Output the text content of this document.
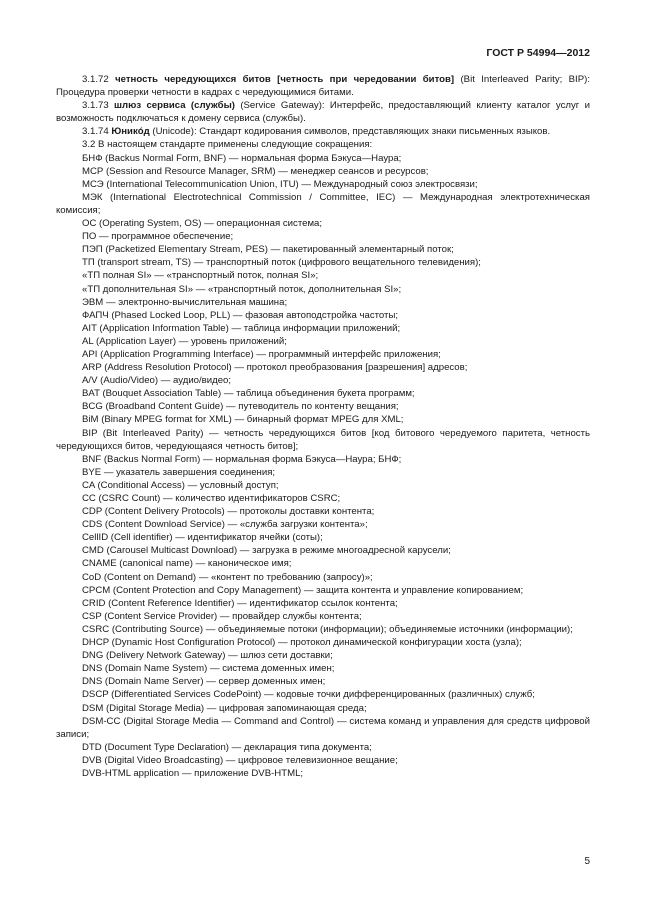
ГОСТ Р 54994—2012

3.1.72 четность чередующихся битов [четность при чередовании битов] (Bit Interleaved Parity; BIP): Процедура проверки четности в кадрах с чередующимися битами.

3.1.73 шлюз сервиса (службы) (Service Gateway): Интерфейс, предоставляющий клиенту каталог услуг и возможность подключаться к домену сервиса (службы).

3.1.74 Юникóд (Unicode): Стандарт кодирования символов, представляющих знаки письменных языков.

3.2 В настоящем стандарте применены следующие сокращения:

БНФ (Backus Normal Form, BNF) — нормальная форма Бэкуса—Наура;

МСР (Session and Resource Manager, SRM) — менеджер сеансов и ресурсов;

МСЭ (International Telecommunication Union, ITU) — Международный союз электросвязи;

МЭК (International Electrotechnical Commission / Committee, IEC) — Международная электротехническая комиссия;

ОС (Operating System, OS) — операционная система;

ПО — программное обеспечение;

ПЭП (Packetized Elementary Stream, PES) — пакетированный элементарный поток;

ТП (transport stream, TS) — транспортный поток (цифрового вещательного телевидения);

«ТП полная SI» — «транспортный поток, полная SI»;

«ТП дополнительная SI» — «транспортный поток, дополнительная SI»;

ЭВМ — электронно-вычислительная машина;

ФАПЧ (Phased Locked Loop, PLL) — фазовая автоподстройка частоты;

AIT (Application Information Table) — таблица информации приложений;

AL (Application Layer) — уровень приложений;

API (Application Programming Interface) — программный интерфейс приложения;

ARP (Address Resolution Protocol) — протокол преобразования [разрешения] адресов;

A/V (Audio/Video) — аудио/видео;

BAT (Bouquet Association Table) — таблица объединения букета программ;

BCG (Broadband Content Guide) — путеводитель по контенту вещания;

BiM (Binary MPEG format for XML) — бинарный формат MPEG для XML;

BIP (Bit Interleaved Parity) — четность чередующихся битов [код битового чередуемого паритета, четность чередующихся битов, чередующаяся четность битов];

BNF (Backus Normal Form) — нормальная форма Бэкуса—Наура; БНФ;

BYE — указатель завершения соединения;

CA (Conditional Access) — условный доступ;

CC (CSRC Count) — количество идентификаторов CSRC;

CDP (Content Delivery Protocols) — протоколы доставки контента;

CDS (Content Download Service) — «служба загрузки контента»;

CellID (Cell identifier) — идентификатор ячейки (соты);

CMD (Carousel Multicast Download) — загрузка в режиме многоадресной карусели;

CNAME (canonical name) — каноническое имя;

CoD (Content on Demand) — «контент по требованию (запросу)»;

CPCM (Content Protection and Copy Management) — защита контента и управление копированием;

CRID (Content Reference Identifier) — идентификатор ссылок контента;

CSP (Content Service Provider) — провайдер службы контента;

CSRC (Contributing Source) — объединяемые потоки (информации); объединяемые источники (информации);

DHCP (Dynamic Host Configuration Protocol) — протокол динамической конфигурации хоста (узла);

DNG (Delivery Network Gateway) — шлюз сети доставки;

DNS (Domain Name System) — система доменных имен;

DNS (Domain Name Server) — сервер доменных имен;

DSCP (Differentiated Services CodePoint) — кодовые точки дифференцированных (различных) служб;

DSM (Digital Storage Media) — цифровая запоминающая среда;

DSM-CC (Digital Storage Media — Command and Control) — система команд и управления для средств цифровой записи;

DTD (Document Type Declaration) — декларация типа документа;

DVB (Digital Video Broadcasting) — цифровое телевизионное вещание;

DVB-HTML application — приложение DVB-HTML;

5
